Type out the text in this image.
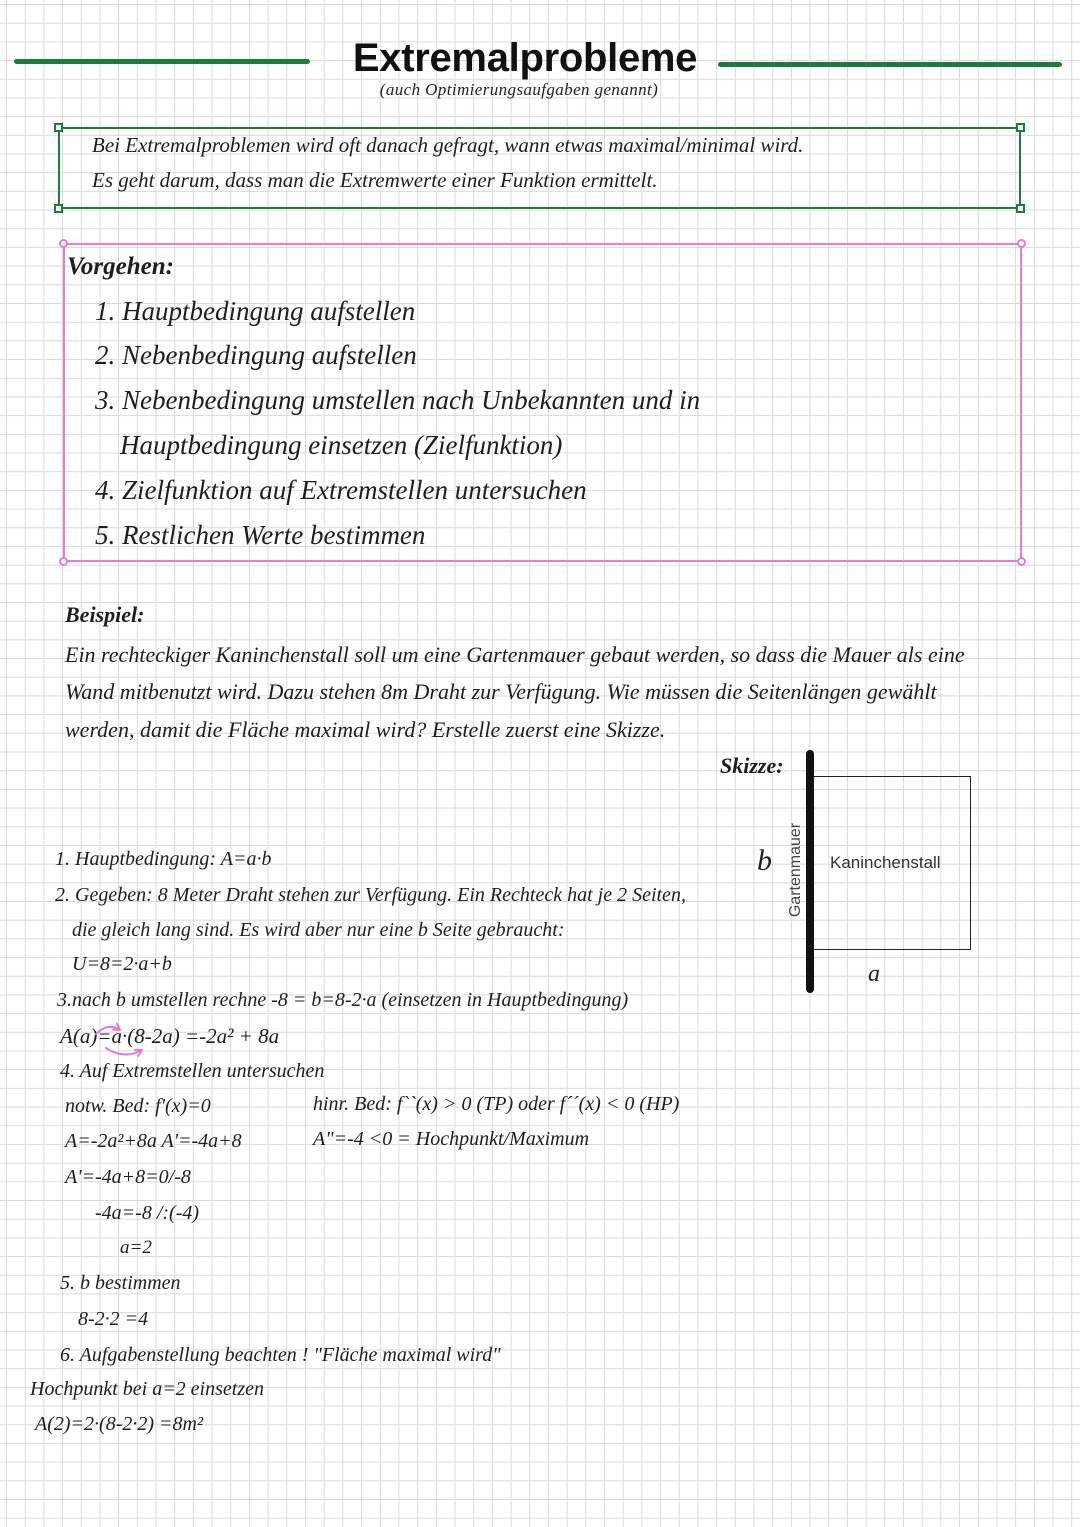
Extremalprobleme
(auch Optimierungsaufgaben genannt)

Bei Extremalproblemen wird oft danach gefragt, wann etwas maximal/minimal wird.

Es geht darum, dass man die Extremwerte einer Funktion ermittelt.

Vorgehen:

1. Hauptbedingung aufstellen

2. Nebenbedingung aufstellen

3. Nebenbedingung umstellen nach Unbekannten und in

Hauptbedingung einsetzen (Zielfunktion)

4. Zielfunktion auf Extremstellen untersuchen

5. Restlichen Werte bestimmen

Beispiel:

Ein rechteckiger Kaninchenstall soll um eine Gartenmauer gebaut werden, so dass die Mauer als eine

Wand mitbenutzt wird. Dazu stehen 8m Draht zur Verfügung. Wie müssen die Seitenlängen gewählt

werden, damit die Fläche maximal wird? Erstelle zuerst eine Skizze.

Skizze:

Gartenmauer Kaninchenstall

b

a

1. Hauptbedingung: A=a·b

2. Gegeben: 8 Meter Draht stehen zur Verfügung. Ein Rechteck hat je 2 Seiten,

die gleich lang sind. Es wird aber nur eine b Seite gebraucht:

U=8=2·a+b

3.nach b umstellen rechne -8 = b=8-2·a (einsetzen in Hauptbedingung)

A(a)=a·(8-2a) =-2a² + 8a

4. Auf Extremstellen untersuchen

notw. Bed: f'(x)=0	hinr. Bed: f``(x) > 0 (TP) oder f´´(x) < 0 (HP)

A=-2a²+8a A'=-4a+8	A"=-4 <0 = Hochpunkt/Maximum

A'=-4a+8=0/-8

-4a=-8 /:(-4)

a=2

5. b bestimmen

8-2·2 =4

6. Aufgabenstellung beachten ! "Fläche maximal wird"

Hochpunkt bei a=2 einsetzen

A(2)=2·(8-2·2) =8m²
